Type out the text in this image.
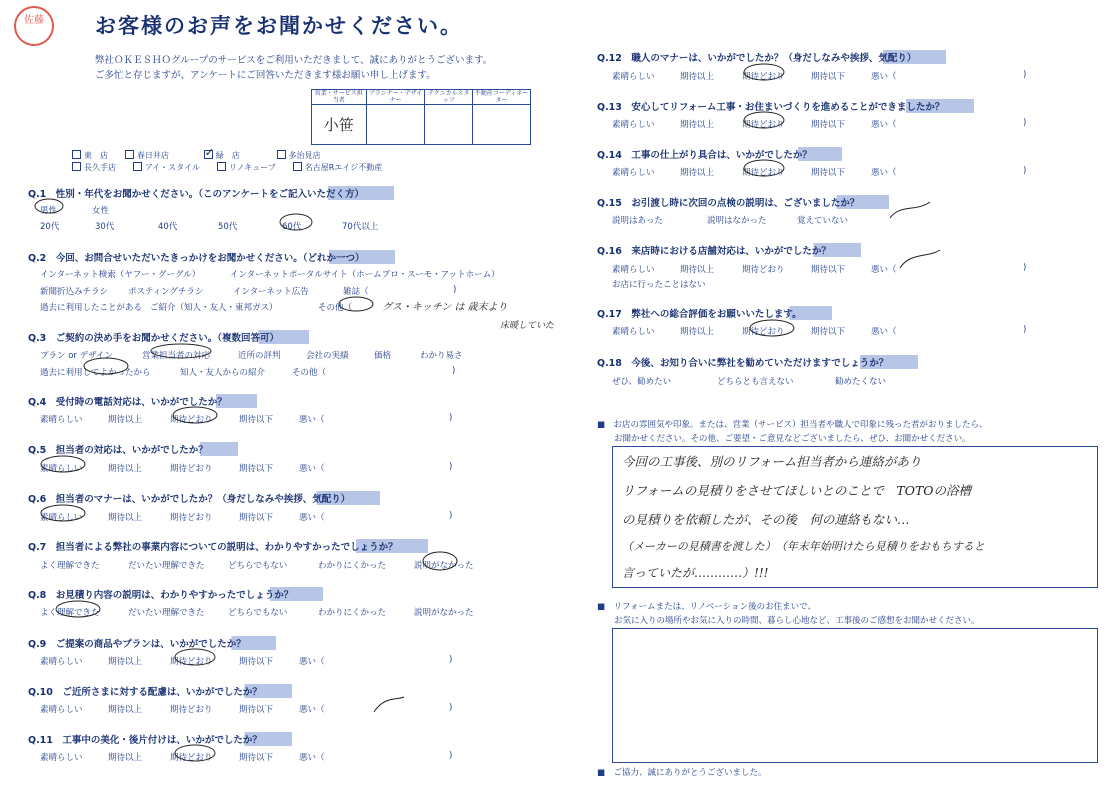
佐藤	お客様のお声をお聞かせください。
弊社ＯＫＥＳＨＯグループのサービスをご利用いただきまして、誠にありがとうございます。
ご多忙と存じますが、アンケートにご回答いただきます様お願い申し上げます。
営業・サービス担当者	プランナー・デザイナー	テクニカルスタッフ	不動産コーディネーター
小笹			
東　店	春日井店	✓ 緑　店	多治見店
長久手店	アイ・スタイル	リノキューブ	名古屋Rエイジ不動産
Q.1　性別・年代をお聞かせください。（このアンケートをご記入いただく方）
男性	女性
20代	30代	40代	50代	60代	70代以上
Q.2　今回、お問合せいただいたきっかけをお聞かせください。（どれか一つ）
インターネット検索（ヤフー・グーグル）	インターネットポータルサイト（ホームプロ・スーモ・アットホーム）
新聞折込みチラシ	ポスティングチラシ	インターネット広告	雑誌（	)
過去に利用したことがある ご紹介（知人・友人・東邦ガス）	その他（	グス・キッチン は 歳末より
床暖していた
Q.3　ご契約の決め手をお聞かせください。（複数回答可）
プラン or デザイン	営業担当者の対応	近所の評判	会社の実績	価格	わかり易さ
過去に利用してよかったから	知人・友人からの紹介	その他（	)
Q.4　受付時の電話対応は、いかがでしたか？
素晴らしい	期待以上	期待どおり	期待以下	悪い（	)
Q.5　担当者の対応は、いかがでしたか？
素晴らしい	期待以上	期待どおり	期待以下	悪い（	)
Q.6　担当者のマナーは、いかがでしたか？（身だしなみや挨拶、気配り）
素晴らしい	期待以上	期待どおり	期待以下	悪い（	)
Q.7　担当者による弊社の事業内容についての説明は、わかりやすかったでしょうか？
よく理解できた	だいたい理解できた	どちらでもない	わかりにくかった	説明がなかった
Q.8　お見積り内容の説明は、わかりやすかったでしょうか？
よく理解できた	だいたい理解できた	どちらでもない	わかりにくかった	説明がなかった
Q.9　ご提案の商品やプランは、いかがでしたか？
素晴らしい	期待以上	期待どおり	期待以下	悪い（	)
Q.10　ご近所さまに対する配慮は、いかがでしたか？
素晴らしい	期待以上	期待どおり	期待以下	悪い（	)
Q.11　工事中の美化・後片付けは、いかがでしたか？
素晴らしい	期待以上	期待どおり	期待以下	悪い（	)
Q.12　職人のマナーは、いかがでしたか？（身だしなみや挨拶、気配り）
素晴らしい	期待以上	期待どおり	期待以下	悪い（	)
Q.13　安心してリフォーム工事・お住まいづくりを進めることができましたか？
素晴らしい	期待以上	期待どおり	期待以下	悪い（	)
Q.14　工事の仕上がり具合は、いかがでしたか？
素晴らしい	期待以上	期待どおり	期待以下	悪い（	)
Q.15　お引渡し時に次回の点検の説明は、ございましたか？
説明はあった	説明はなかった	覚えていない
Q.16　来店時における店舗対応は、いかがでしたか？
素晴らしい	期待以上	期待どおり	期待以下	悪い（	)
お店に行ったことはない
Q.17　弊社への総合評価をお願いいたします。
素晴らしい	期待以上	期待どおり	期待以下	悪い（	)
Q.18　今後、お知り合いに弊社を勧めていただけますでしょうか？
ぜひ、勧めたい	どちらとも言えない	勧めたくない
■　お店の雰囲気や印象。または、営業（サービス）担当者や職人で印象に残った者がおりましたら、
お聞かせください。その他、ご要望・ご意見などございましたら、ぜひ、お聞かせください。
今回の工事後、別のリフォーム担当者から連絡があり
リフォームの見積りをさせてほしいとのことで　TOTOの浴槽
の見積りを依頼したが、その後　何の連絡もない…
（メーカーの見積書を渡した）　（年末年始明けたら見積りをおもちすると
言っていたが…………）!!!
■　リフォームまたは、リノベーション後のお住まいで、
お気に入りの場所やお気に入りの時間、暮らし心地など、工事後のご感想をお聞かせください。
■　ご協力、誠にありがとうございました。
